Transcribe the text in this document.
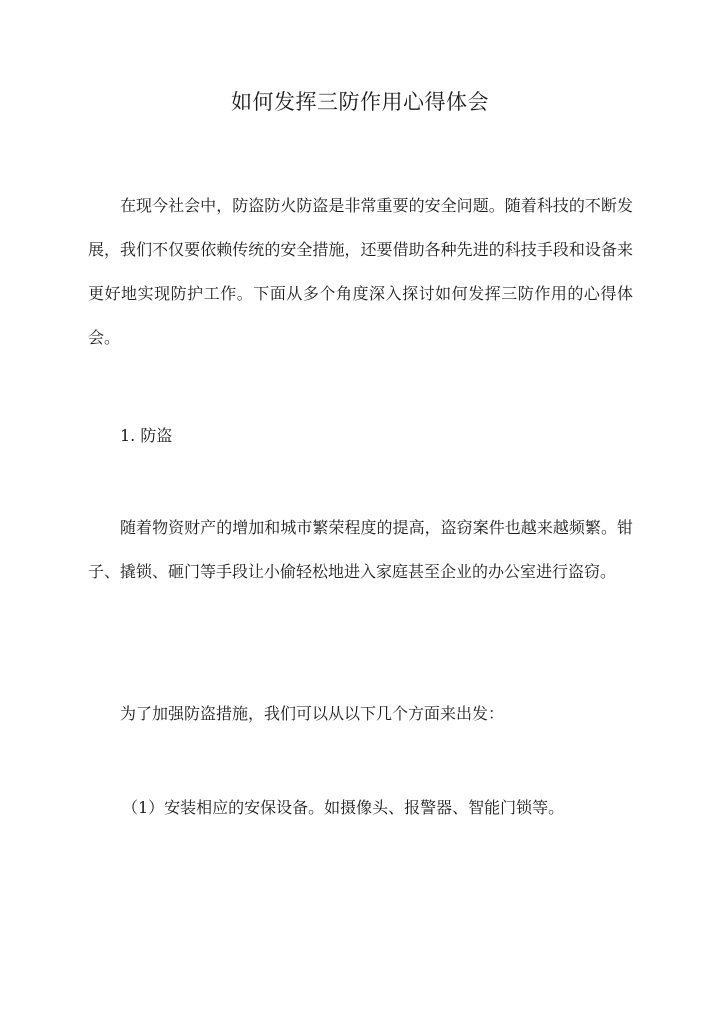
如何发挥三防作用心得体会
在现今社会中，防盗防火防盗是非常重要的安全问题。随着科技的不断发展，我们不仅要依赖传统的安全措施，还要借助各种先进的科技手段和设备来更好地实现防护工作。下面从多个角度深入探讨如何发挥三防作用的心得体会。
1. 防盗
随着物资财产的增加和城市繁荣程度的提高，盗窃案件也越来越频繁。钳子、撬锁、砸门等手段让小偷轻松地进入家庭甚至企业的办公室进行盗窃。
为了加强防盗措施，我们可以从以下几个方面来出发：
（1）安装相应的安保设备。如摄像头、报警器、智能门锁等。
